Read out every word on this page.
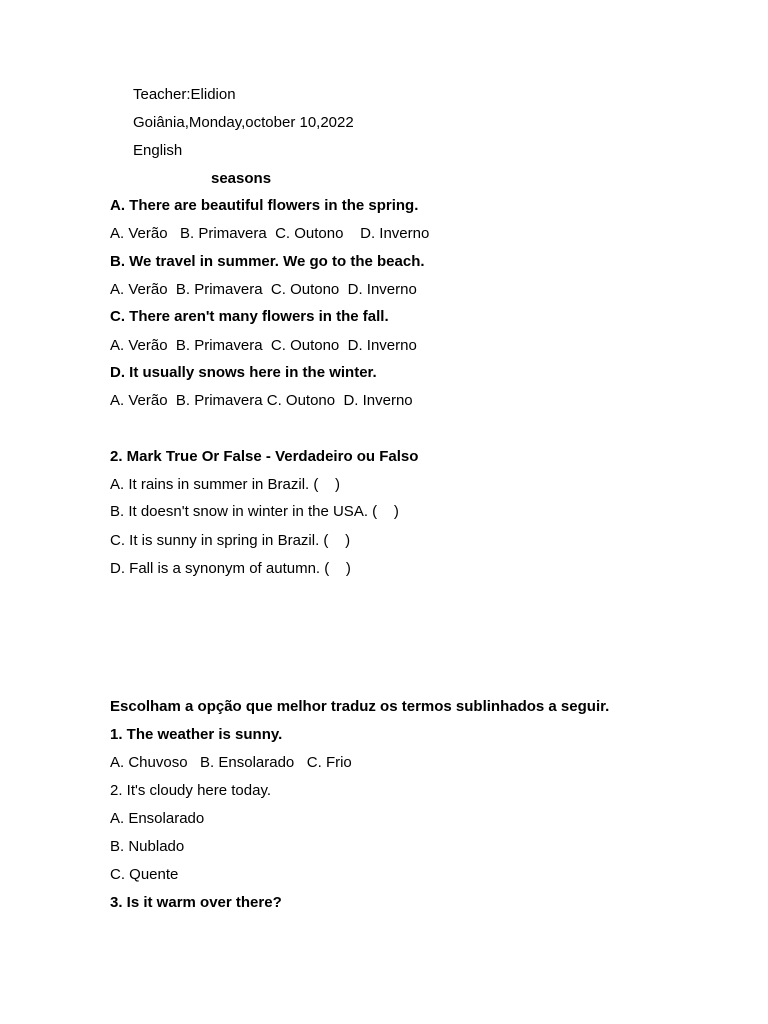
Teacher:Elidion
Goiânia,Monday,october 10,2022
English
seasons
A. There are beautiful flowers in the spring.
A. Verão   B. Primavera  C. Outono    D. Inverno
B. We travel in summer. We go to the beach.
A. Verão  B. Primavera  C. Outono  D. Inverno
C. There aren't many flowers in the fall.
A. Verão  B. Primavera  C. Outono  D. Inverno
D. It usually snows here in the winter.
A. Verão  B. Primavera C. Outono  D. Inverno
2. Mark True Or False - Verdadeiro ou Falso
A. It rains in summer in Brazil. (    )
B. It doesn't snow in winter in the USA. (    )
C. It is sunny in spring in Brazil. (    )
D. Fall is a synonym of autumn. (    )
Escolham a opção que melhor traduz os termos sublinhados a seguir.
1. The weather is sunny.
A. Chuvoso   B. Ensolarado   C. Frio
2. It's cloudy here today.
A. Ensolarado
B. Nublado
C. Quente
3. Is it warm over there?
